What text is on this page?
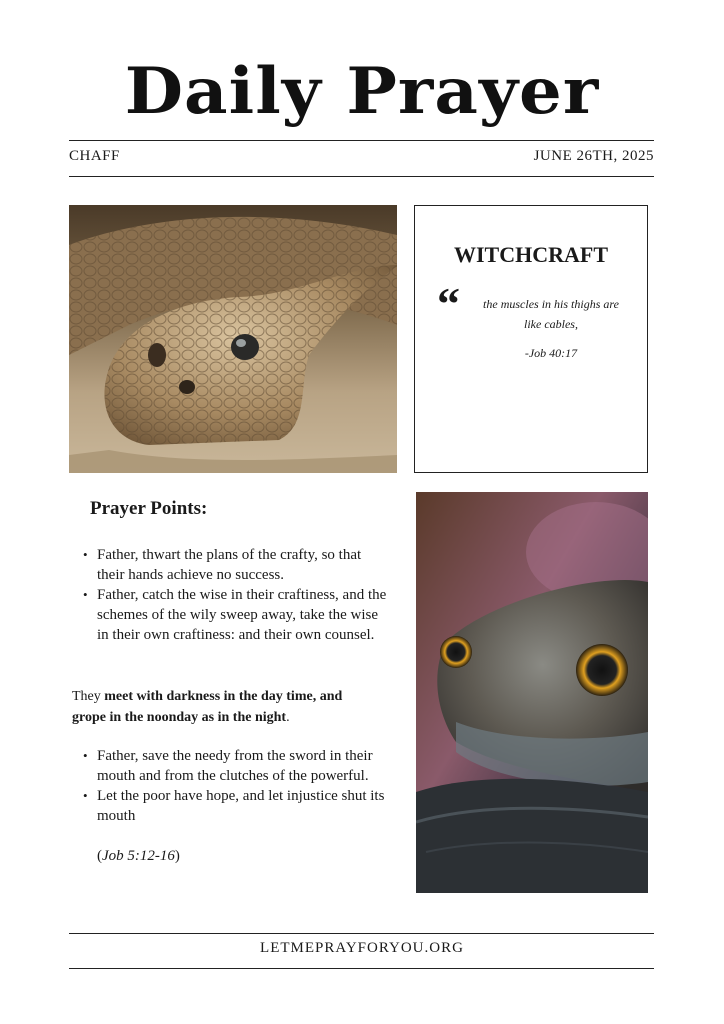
Daily Prayer
CHAFF	JUNE 26TH, 2025
WITCHCRAFT
“	the muscles in his thighs are like cables,
-Job 40:17
Prayer Points:
• Father, thwart the plans of the crafty, so that their hands achieve no success.
• Father, catch the wise in their craftiness, and the schemes of the wily sweep away, take the wise in their own craftiness: and their own counsel.
They meet with darkness in the day time, and grope in the noonday as in the night.
• Father, save the needy from the sword in their mouth and from the clutches of the powerful.
• Let the poor have hope, and let injustice shut its mouth
(Job 5:12-16)
LETMEPRAYFORYOU.ORG
